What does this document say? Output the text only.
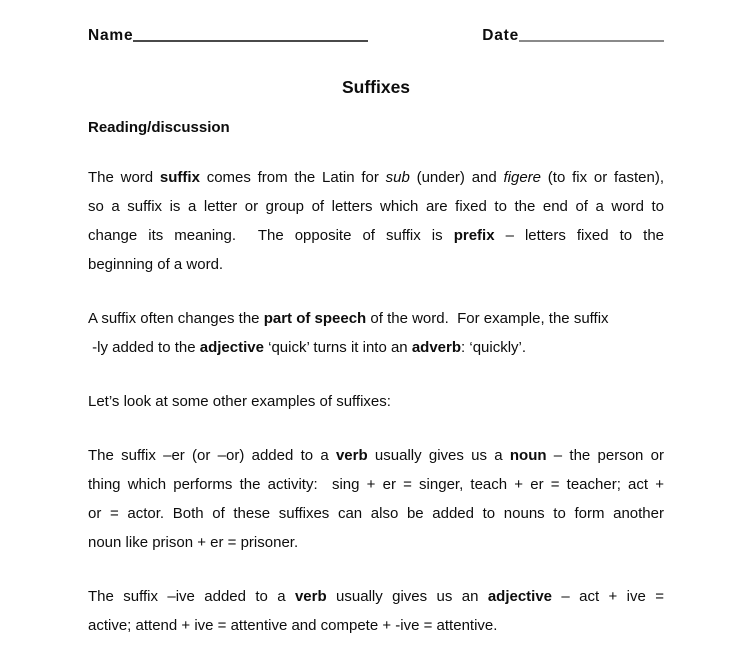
Name	Date
Suffixes
Reading/discussion
The word suffix comes from the Latin for sub (under) and figere (to fix or fasten),
so a suffix is a letter or group of letters which are fixed to the end of a word to
change its meaning.  The opposite of suffix is prefix – letters fixed to the
beginning of a word.
A suffix often changes the part of speech of the word.  For example, the suffix
-ly added to the adjective ‘quick’ turns it into an adverb: ‘quickly’.
Let’s look at some other examples of suffixes:
The suffix –er (or –or) added to a verb usually gives us a noun – the person or
thing which performs the activity:  sing + er = singer, teach + er = teacher; act +
or = actor. Both of these suffixes can also be added to nouns to form another
noun like prison + er = prisoner.
The suffix –ive added to a verb usually gives us an adjective – act + ive =
active; attend + ive = attentive and compete + -ive = attentive.
